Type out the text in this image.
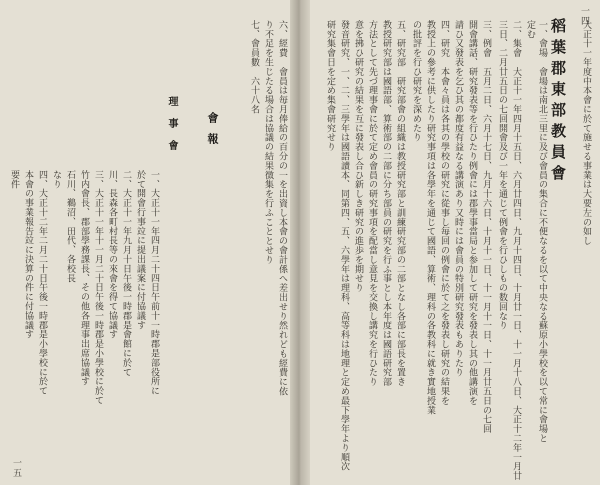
稻葉郡東部教員會
一四
大正十一年度中本會に於て施せる事業は大要左の如し
一、會場　會場は南北三里に及び會員の集合に不便なるを以て中央なる蘇原小學校を以て常に會場と
定む
二、集會　大正十一年四月十五日、六月廿四日、九月十四日、十月廿一日、十一月十八日、大正十二年一月廿
三日、二月廿五日の七回開會及び一年を通じて例會を行ひしもの数回なり
三、例會　五月二日、六月十七日、九月十六日、十月十一日、十一月十一日、十一月廿五日の七回
開會講話、研究發表等を行ひたり例會には郡學事當局と参加して研究を發表し其の他講演を
請ひ又發表を乞ひ其の都度有益なる講演あり又時には會員の特別研究發表もありたり
四、研究　本會々員は各其の學校の研究に從事し毎回の例會に於て之を發表し研究の結果を
教授上の參考に供したり研究事項は各學年を通じて國語、算術、理科の各教科に就き實地授業
の批評を行ひ研究を深めたり
五、研究部　研究部會の組織は教授研究部と訓練研究部の二部となし各部に部長を置き
教授研究部は國語部、算術部の二部に分ち部員の研究を行ふ事とし本年度は國語研究部
方法として先づ理事會に於て定め會員の研究事項を配當し意見を交換し講究を行ひたり
意を拂ひ研究の結果を互に發表し合ひ新しき研究の進歩を期せり
發音研究、一、二、三學年は國語讀本、同第四、五、六學年は理科、高等科は地理と定め最下學年より順次
研究集會日を定め集會研究せり
一五
六、經費　會員は毎月俸給の百分の一を出資し本會の會計係へ差出せり然れども經費に依
り不足を生じたる場合は協議の結果徴集を行ふこととせり
七、會員數　六十八名
會報
理事會
一、大正十一年四月二十四日午前十一時郡是部役所に
於て開會行事竝に提出議案に付協議す
二、大正十一年九月十日午後一時郡是會館に於て
川、長森各町村長等の來會を得て協議す
三、大正十一年十一月二十日午後一時郡是小學校に於て
竹内會長、郡部學務課長、その他各理事出席協議す
石川、鵜沼、田代、各校長
なり
四、大正十二年二月二十日午後一時郡是小學校に於て
本會の事業報告竝に決算の件に付協議す
要件
